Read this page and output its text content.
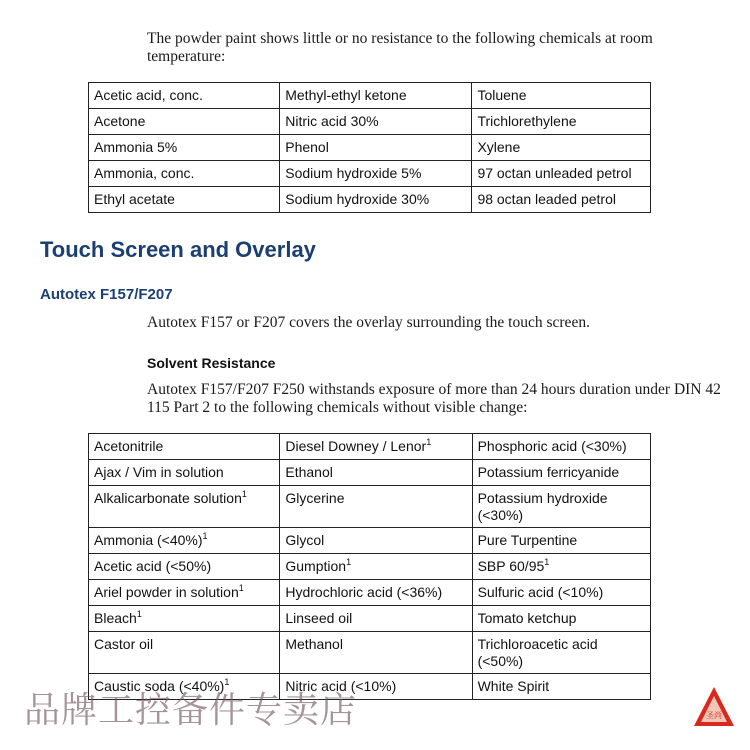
The powder paint shows little or no resistance to the following chemicals at room temperature:

Acetic acid, conc.	Methyl-ethyl ketone	Toluene
Acetone	Nitric acid 30%	Trichlorethylene
Ammonia 5%	Phenol	Xylene
Ammonia, conc.	Sodium hydroxide 5%	97 octan unleaded petrol
Ethyl acetate	Sodium hydroxide 30%	98 octan leaded petrol
Touch Screen and Overlay
Autotex F157/F207

Autotex F157 or F207 covers the overlay surrounding the touch screen.

Solvent Resistance

Autotex F157/F207 F250 withstands exposure of more than 24 hours duration under DIN 42 115 Part 2 to the following chemicals without visible change:

Acetonitrile	Diesel Downey / Lenor$^1$	Phosphoric acid (<30%)
Ajax / Vim in solution	Ethanol	Potassium ferricyanide
Alkalicarbonate solution$^1$	Glycerine	Potassium hydroxide (<30%)
Ammonia (<40%)$^1$	Glycol	Pure Turpentine
Acetic acid (<50%)	Gumption$^1$	SBP $60/95^1$
Ariel powder in solution$^1$	Hydrochloric acid (<36%)	Sulfuric acid (<10%)
Bleach$^1$	Linseed oil	Tomato ketchup
Castor oil	Methanol	Trichloroacetic acid (<50%)
Caustic soda (<40%)$^1$	Nitric acid (<10%)	White Spirit
品牌工控备件专卖店	圣尚
